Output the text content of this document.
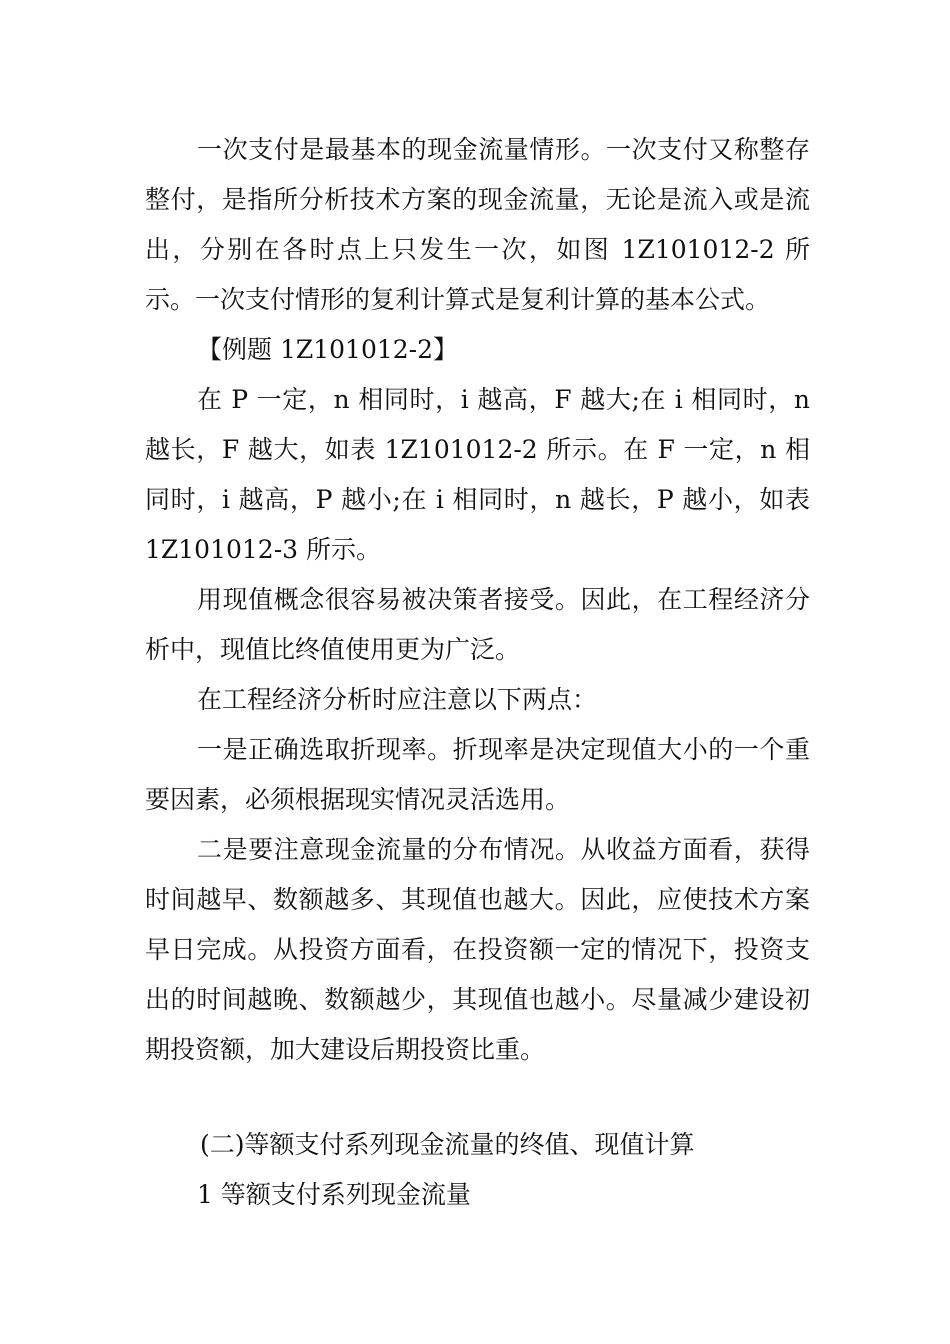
一次支付是最基本的现金流量情形。一次支付又称整存整付，是指所分析技术方案的现金流量，无论是流入或是流出，分别在各时点上只发生一次，如图 1Z101012-2 所示。一次支付情形的复利计算式是复利计算的基本公式。

【例题 1Z101012-2】

在 P 一定，n 相同时，i 越高，F 越大;在 i 相同时，n 越长，F 越大，如表 1Z101012-2 所示。在 F 一定，n 相同时，i 越高，P 越小;在 i 相同时，n 越长，P 越小，如表 1Z101012-3 所示。

用现值概念很容易被决策者接受。因此，在工程经济分析中，现值比终值使用更为广泛。

在工程经济分析时应注意以下两点：

一是正确选取折现率。折现率是决定现值大小的一个重要因素，必须根据现实情况灵活选用。

二是要注意现金流量的分布情况。从收益方面看，获得时间越早、数额越多、其现值也越大。因此，应使技术方案早日完成。从投资方面看，在投资额一定的情况下，投资支出的时间越晚、数额越少，其现值也越小。尽量减少建设初期投资额，加大建设后期投资比重。

(二)等额支付系列现金流量的终值、现值计算

1 等额支付系列现金流量
